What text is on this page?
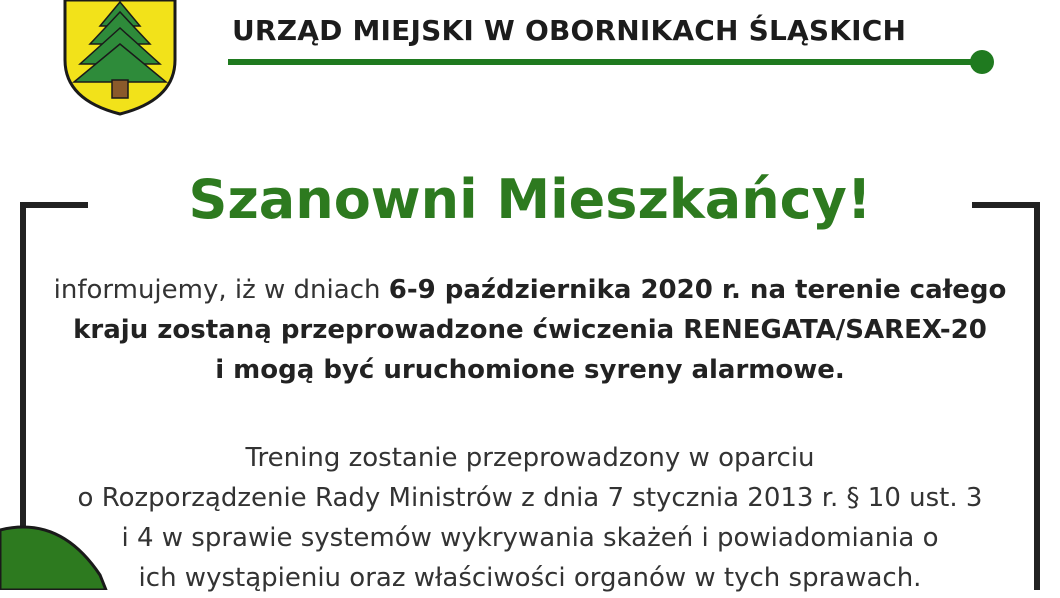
URZĄD MIEJSKI W OBORNIKACH ŚLĄSKICH
Szanowni Mieszkańcy!

informujemy, iż w dniach 6-9 października 2020 r. na terenie całego
kraju zostaną przeprowadzone ćwiczenia RENEGATA/SAREX-20
i mogą być uruchomione syreny alarmowe.

Trening zostanie przeprowadzony w oparciu
o Rozporządzenie Rady Ministrów z dnia 7 stycznia 2013 r. § 10 ust. 3
i 4 w sprawie systemów wykrywania skażeń i powiadomiania o
ich wystąpieniu oraz właściwości organów w tych sprawach.
